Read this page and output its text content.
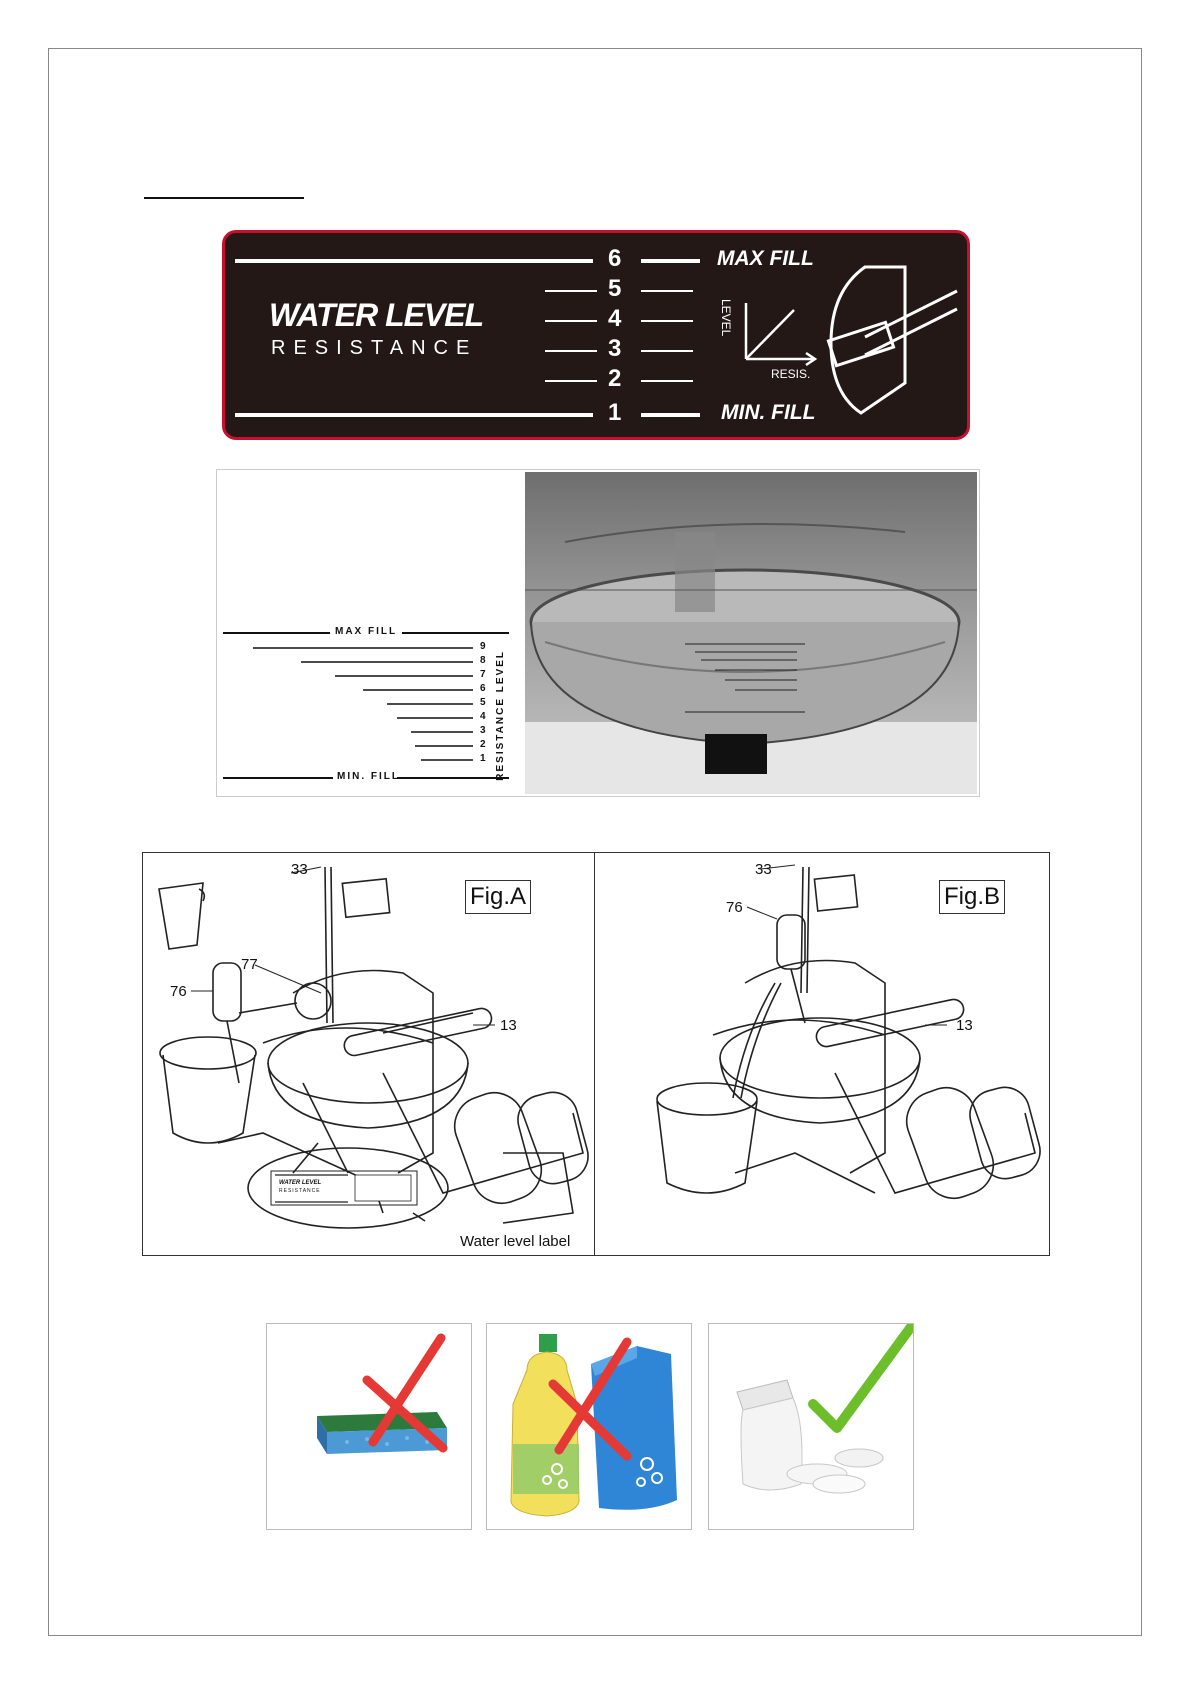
WATER LEVEL
RESISTANCE
6
5
4
3
2
1
MAX FILL
MIN. FILL
LEVEL
RESIS.
MAX FILL
MIN. FILL
9
8
7
6
5
4
3
2
1 RESISTANCE LEVEL
Fig.A
33
77
76
13
WATER LEVEL
RESISTANCE
Water level label
Fig.B
33
76
13
